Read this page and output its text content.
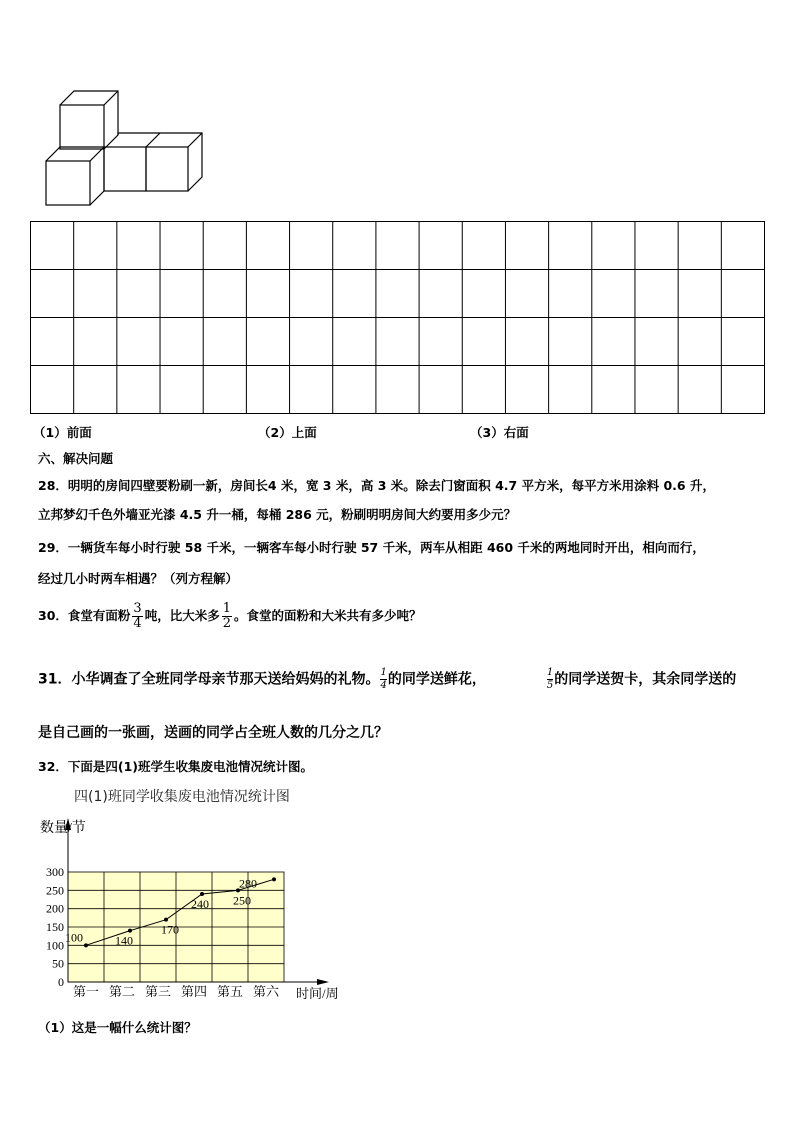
（1）前面	（2）上面	（3）右面
六、解决问题
28．明明的房间四壁要粉刷一新，房间长4 米，宽 3 米，高 3 米。除去门窗面积 4.7 平方米，每平方米用涂料 0.6 升，
立邦梦幻千色外墙亚光漆 4.5 升一桶，每桶 286 元，粉刷明明房间大约要用多少元？
29．一辆货车每小时行驶 58 千米，一辆客车每小时行驶 57 千米，两车从相距 460 千米的两地同时开出，相向而行，
经过几小时两车相遇？（列方程解）
30．食堂有面粉 $\frac{3}{4}$ 吨，比大米多 $\frac{1}{2}$ 。食堂的面粉和大米共有多少吨？
31．小华调查了全班同学母亲节那天送给妈妈的礼物。 $\frac{1}{4}$ 的同学送鲜花，	$\frac{1}{5}$ 的同学送贺卡，其余同学送的
是自己画的一张画，送画的同学占全班人数的几分之几？
32．下面是四(1)班学生收集废电池情况统计图。
四(1)班同学收集废电池情况统计图
数量/节
时间/周
0
50
100
150
200
250
300
第一 第二 第三 第四 第五 第六
100	140
170
240 250
280
（1）这是一幅什么统计图？
